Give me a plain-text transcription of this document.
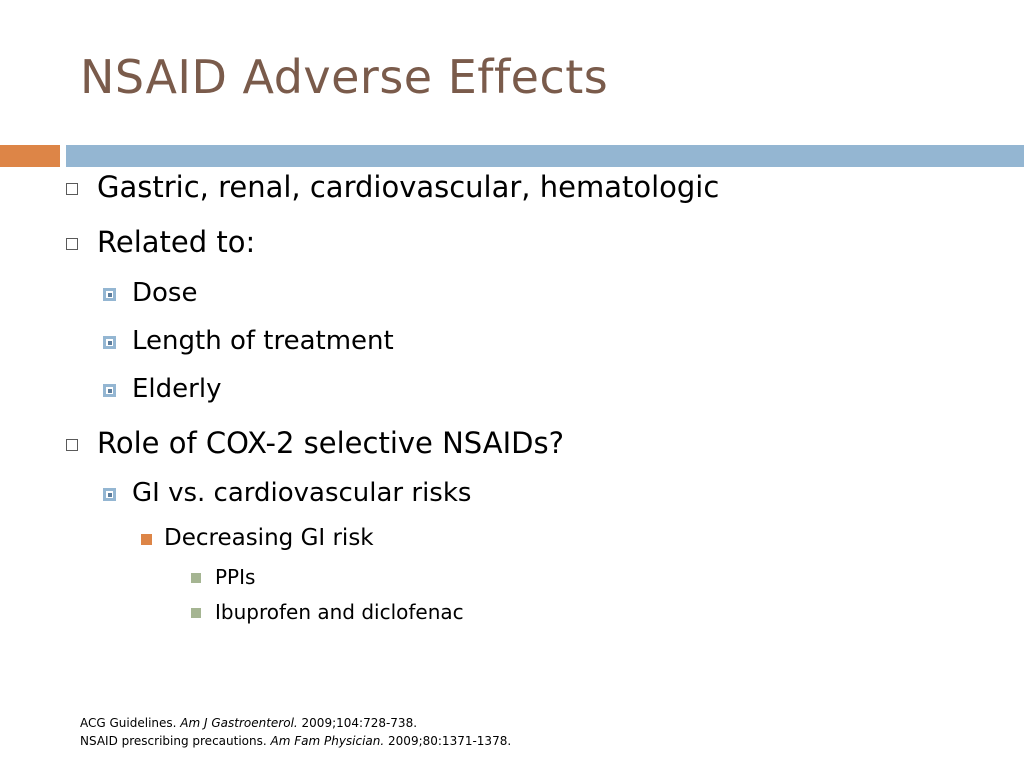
NSAID Adverse Effects
Gastric, renal, cardiovascular, hematologic
Related to:
Dose
Length of treatment
Elderly
Role of COX-2 selective NSAIDs?
GI vs. cardiovascular risks
Decreasing GI risk
PPIs
Ibuprofen and diclofenac
ACG Guidelines. Am J Gastroenterol. 2009;104:728-738.
NSAID prescribing precautions. Am Fam Physician. 2009;80:1371-1378.
